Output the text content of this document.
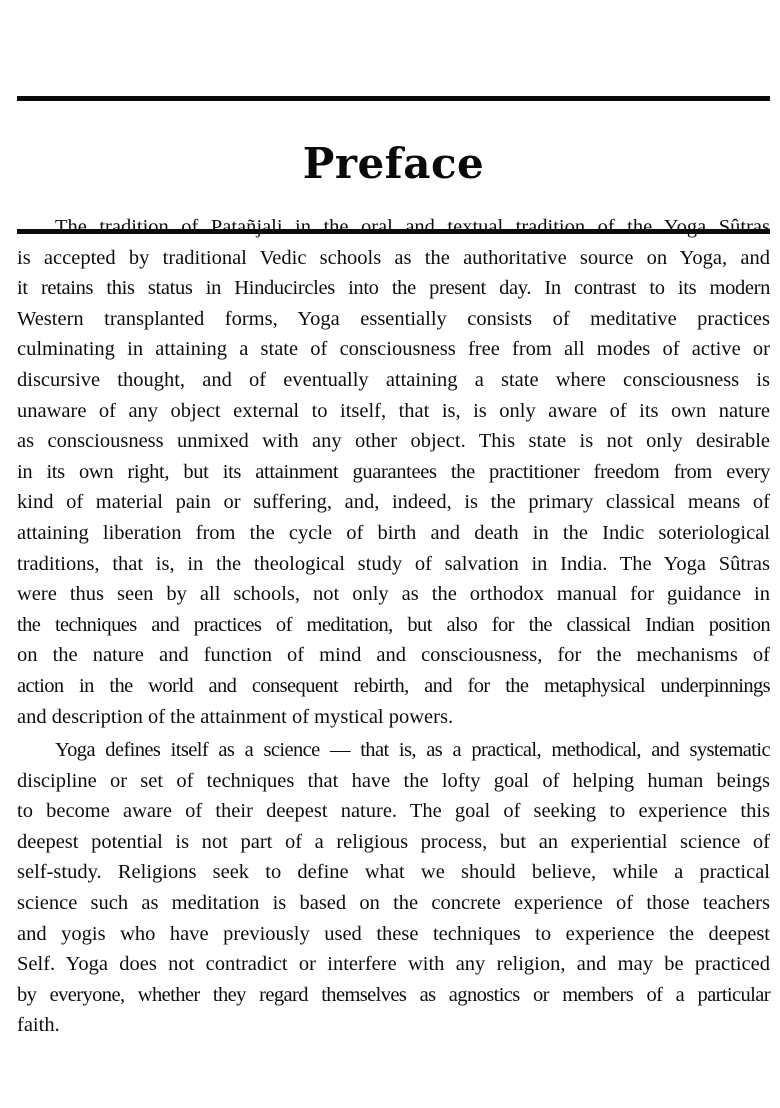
Preface

The tradition of Patañjali in the oral and textual tradition of the Yoga Sûtras
is accepted by traditional Vedic schools as the authoritative source on Yoga, and
it retains this status in Hinducircles into the present day. In contrast to its modern
Western transplanted forms, Yoga essentially consists of meditative practices
culminating in attaining a state of consciousness free from all modes of active or
discursive thought, and of eventually attaining a state where consciousness is
unaware of any object external to itself, that is, is only aware of its own nature
as consciousness unmixed with any other object. This state is not only desirable
in its own right, but its attainment guarantees the practitioner freedom from every
kind of material pain or suffering, and, indeed, is the primary classical means of
attaining liberation from the cycle of birth and death in the Indic soteriological
traditions, that is, in the theological study of salvation in India. The Yoga Sûtras
were thus seen by all schools, not only as the orthodox manual for guidance in
the techniques and practices of meditation, but also for the classical Indian position
on the nature and function of mind and consciousness, for the mechanisms of
action in the world and consequent rebirth, and for the metaphysical underpinnings
and description of the attainment of mystical powers.

Yoga defines itself as a science — that is, as a practical, methodical, and systematic
discipline or set of techniques that have the lofty goal of helping human beings
to become aware of their deepest nature. The goal of seeking to experience this
deepest potential is not part of a religious process, but an experiential science of
self-study. Religions seek to define what we should believe, while a practical
science such as meditation is based on the concrete experience of those teachers
and yogis who have previously used these techniques to experience the deepest
Self. Yoga does not contradict or interfere with any religion, and may be practiced
by everyone, whether they regard themselves as agnostics or members of a particular
faith.
